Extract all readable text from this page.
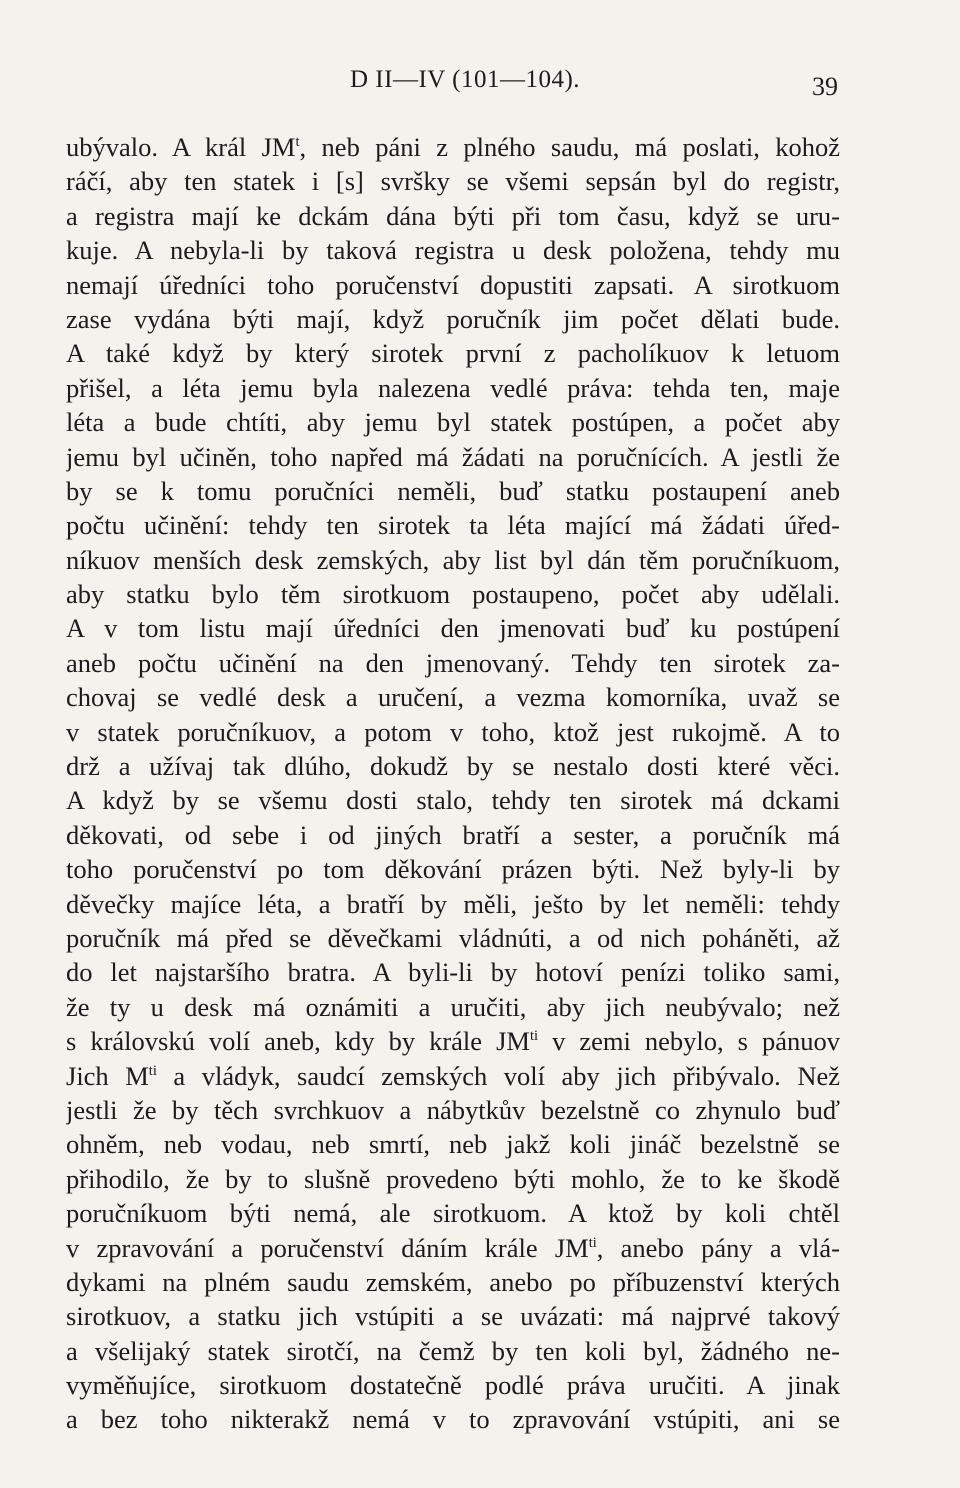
D II—IV (101—104).	39
ubývalo. A král $JM^t$, neb páni z plného saudu, má poslati, kohož
ráčí, aby ten statek i [s] svršky se všemi sepsán byl do registr,
a registra mají ke dckám dána býti při tom času, když se uru-
kuje. A nebyla-li by taková registra u desk položena, tehdy mu
nemají úředníci toho poručenství dopustiti zapsati. A sirotkuom
zase vydána býti mají, když poručník jim počet dělati bude.
A také když by který sirotek první z pacholíkuov k letuom
přišel, a léta jemu byla nalezena vedlé práva: tehda ten, maje
léta a bude chtíti, aby jemu byl statek postúpen, a počet aby
jemu byl učiněn, toho napřed má žádati na poručnících. A jestli že
by se k tomu poručníci neměli, buď statku postaupení aneb
počtu učinění: tehdy ten sirotek ta léta mající má žádati úřed-
níkuov menších desk zemských, aby list byl dán těm poručníkuom,
aby statku bylo těm sirotkuom postaupeno, počet aby udělali.
A v tom listu mají úředníci den jmenovati buď ku postúpení
aneb počtu učinění na den jmenovaný. Tehdy ten sirotek za-
chovaj se vedlé desk a uručení, a vezma komorníka, uvaž se
v statek poručníkuov, a potom v toho, ktož jest rukojmě. A to
drž a užívaj tak dlúho, dokudž by se nestalo dosti které věci.
A když by se všemu dosti stalo, tehdy ten sirotek má dckami
děkovati, od sebe i od jiných bratří a sester, a poručník má
toho poručenství po tom děkování prázen býti. Než byly-li by
děvečky majíce léta, a bratří by měli, ješto by let neměli: tehdy
poručník má před se děvečkami vládnúti, a od nich poháněti, až
do let najstaršího bratra. A byli-li by hotoví penízi toliko sami,
že ty u desk má oznámiti a uručiti, aby jich neubývalo; než
s královskú volí aneb, kdy by krále $JM^{ti}$ v zemi nebylo, s pánuov
Jich $M^{ti}$ a vládyk, saudcí zemských volí aby jich přibývalo. Než
jestli že by těch svrchkuov a nábytkův bezelstně co zhynulo buď
ohněm, neb vodau, neb smrtí, neb jakž koli jináč bezelstně se
přihodilo, že by to slušně provedeno býti mohlo, že to ke škodě
poručníkuom býti nemá, ale sirotkuom. A ktož by koli chtěl
v zpravování a poručenství dáním krále $JM^{ti}$, anebo pány a vlá-
dykami na plném saudu zemském, anebo po příbuzenství kterých
sirotkuov, a statku jich vstúpiti a se uvázati: má najprvé takový
a všelijaký statek sirotčí, na čemž by ten koli byl, žádného ne-
vyměňujíce, sirotkuom dostatečně podlé práva uručiti. A jinak
a bez toho nikterakž nemá v to zpravování vstúpiti, ani se
